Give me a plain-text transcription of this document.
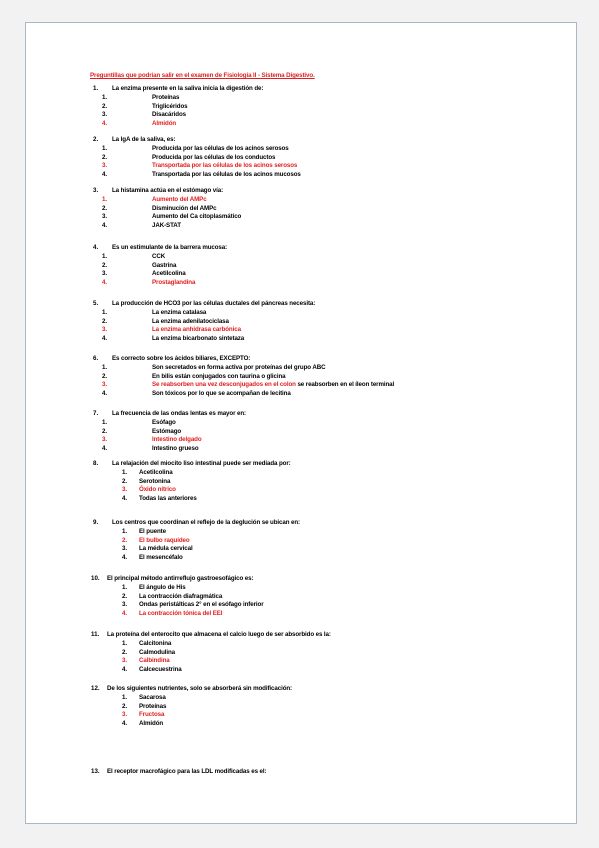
Preguntillas que podrían salir en el examen de Fisiología II - Sistema Digestivo.
1. La enzima presente en la saliva inicia la digestión de:
1.	Proteínas
2.	Triglicéridos
3.	Disacáridos
4.	Almidón
2. La IgA de la saliva, es:
1.	Producida por las células de los acinos serosos
2.	Producida por las células de los conductos
3.	Transportada por las células de los acinos serosos
4.	Transportada por las células de los acinos mucosos
3. La histamina actúa en el estómago vía:
1.	Aumento del AMPc
2.	Disminución del AMPc
3.	Aumento del Ca citoplasmático
4.	JAK-STAT
4. Es un estimulante de la barrera mucosa:
1.	CCK
2.	Gastrina
3.	Acetilcolina
4.	Prostaglandina
5. La producción de HCO3 por las células ductales del páncreas necesita:
1.	La enzima catalasa
2.	La enzima adenilatociclasa
3.	La enzima anhidrasa carbónica
4.	La enzima bicarbonato sintetaza
6. Es correcto sobre los ácidos biliares, EXCEPTO:
1.	Son secretados en forma activa por proteínas del grupo ABC
2.	En bilis están conjugados con taurina o glicina
3.	Se reabsorben una vez desconjugados en el colon se reabsorben en el íleon terminal
4.	Son tóxicos por lo que se acompañan de lecitina
7. La frecuencia de las ondas lentas es mayor en:
1.	Esófago
2.	Estómago
3.	Intestino delgado
4.	Intestino grueso
8. La relajación del miocito liso intestinal puede ser mediada por:
1. Acetilcolina
2. Serotonina
3. Óxido nítrico
4. Todas las anteriores
9. Los centros que coordinan el reflejo de la deglución se ubican en:
1. El puente
2. El bulbo raquídeo
3. La médula cervical
4. El mesencéfalo
10. El principal método antirreflujo gastroesofágico es:
1. El ángulo de His
2. La contracción diafragmática
3. Ondas peristálticas 2° en el esófago inferior
4. La contracción tónica del EEI
11. La proteína del enterocito que almacena el calcio luego de ser absorbido es la:
1. Calcitonina
2. Calmodulina
3. Calbindina
4. Calcecuestrina
12. De los siguientes nutrientes, solo se absorberá sin modificación:
1. Sacarosa
2. Proteínas
3. Fructosa
4. Almidón
13. El receptor macrofágico para las LDL modificadas es el:
